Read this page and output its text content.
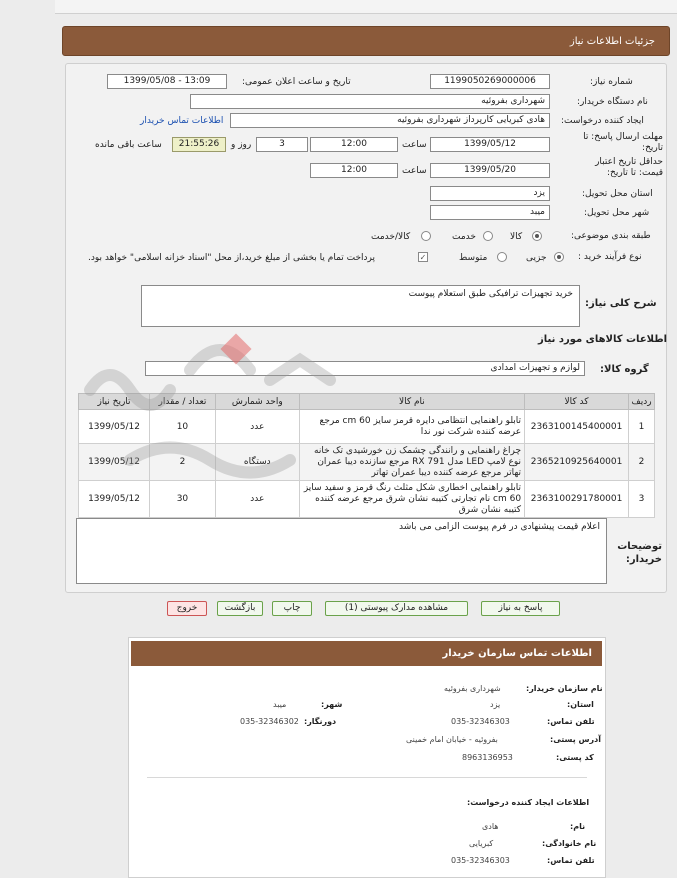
جزئیات اطلاعات نیاز
شماره نیاز:
1199050269000006
تاریخ و ساعت اعلان عمومی:
1399/05/08 - 13:09
نام دستگاه خریدار:
شهرداری بفروئیه
ایجاد کننده درخواست:
هادی کبریایی کارپرداز شهرداری بفروئیه
اطلاعات تماس خریدار
مهلت ارسال پاسخ: تا تاریخ:
1399/05/12
ساعت
12:00
3
روز و
21:55:26
ساعت باقی مانده
حداقل تاریخ اعتبار قیمت: تا تاریخ:
1399/05/20
ساعت
12:00
استان محل تحویل:
یزد
شهر محل تحویل:
میبد
طبقه بندی موضوعی:
کالا
خدمت
کالا/خدمت
نوع فرآیند خرید :
جزیی
متوسط
✓
پرداخت تمام یا بخشی از مبلغ خرید،از محل "اسناد خزانه اسلامی" خواهد بود.
شرح کلی نیاز:
خرید تجهیزات ترافیکی طبق استعلام پیوست
اطلاعات کالاهای مورد نیاز
گروه کالا:
لوازم و تجهیزات امدادی
ردیف	کد کالا	نام کالا	واحد شمارش	تعداد / مقدار	تاریخ نیاز
1	2363100145400001	تابلو راهنمایی انتظامی دایره قرمز سایز cm 60 مرجع عرضه کننده شرکت نور ندا	عدد	10	1399/05/12
2	2365210925640001	چراغ راهنمایی و رانندگی چشمک زن خورشیدی تک خانه نوع لامپ LED مدل RX 791 مرجع سازنده دیبا عمران تهاتر مرجع عرضه کننده دیبا عمران تهاتر	دستگاه	2	1399/05/12
3	2363100291780001	تابلو راهنمایی اخطاری شکل مثلث رنگ قرمز و سفید سایز cm 60 نام تجارتی کتیبه نشان شرق مرجع عرضه کننده کتیبه نشان شرق	عدد	30	1399/05/12
توضیحات خریدار:
اعلام قیمت پیشنهادی در فرم پیوست الزامی می باشد
پاسخ به نیاز
مشاهده مدارک پیوستی (1)
چاپ
بازگشت
خروج
اطلاعات تماس سازمان خریدار
نام سازمان خریدار:
شهرداری بفروئیه
استان:
یزد
شهر:
میبد
تلفن تماس:
035-32346303
دورنگار:
035-32346302
آدرس پستی:
بفروئیه - خیابان امام خمینی
کد پستی:
8963136953
اطلاعات ایجاد کننده درخواست:
نام:
هادی
نام خانوادگی:
کبریایی
تلفن تماس:
035-32346303
